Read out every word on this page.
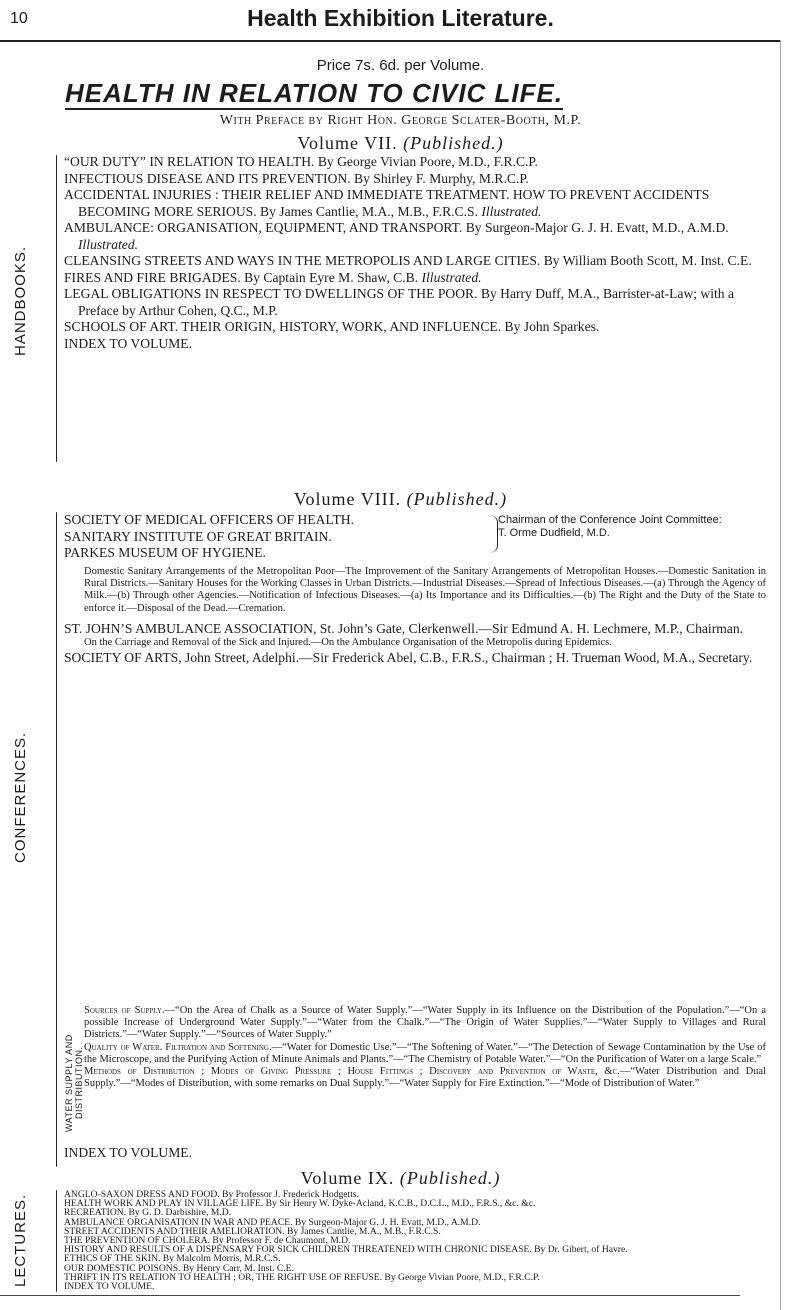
10	Health Exhibition Literature.
Price 7s. 6d. per Volume.
HEALTH IN RELATION TO CIVIC LIFE.
With Preface by Right Hon. George Sclater-Booth, M.P.
Volume VII. (Published.)
HANDBOOKS.

“OUR DUTY” IN RELATION TO HEALTH. By George Vivian Poore, M.D., F.R.C.P.

INFECTIOUS DISEASE AND ITS PREVENTION. By Shirley F. Murphy, M.R.C.P.

ACCIDENTAL INJURIES : THEIR RELIEF AND IMMEDIATE TREATMENT. HOW TO PREVENT ACCIDENTS BECOMING MORE SERIOUS. By James Cantlie, M.A., M.B., F.R.C.S. Illustrated.

AMBULANCE: ORGANISATION, EQUIPMENT, AND TRANSPORT. By Surgeon-Major G. J. H. Evatt, M.D., A.M.D. Illustrated.

CLEANSING STREETS AND WAYS IN THE METROPOLIS AND LARGE CITIES. By William Booth Scott, M. Inst. C.E.

FIRES AND FIRE BRIGADES. By Captain Eyre M. Shaw, C.B. Illustrated.

LEGAL OBLIGATIONS IN RESPECT TO DWELLINGS OF THE POOR. By Harry Duff, M.A., Barrister-at-Law; with a Preface by Arthur Cohen, Q.C., M.P.

SCHOOLS OF ART. THEIR ORIGIN, HISTORY, WORK, AND INFLUENCE. By John Sparkes.

INDEX TO VOLUME.

Volume VIII. (Published.)
CONFERENCES.

SOCIETY OF MEDICAL OFFICERS OF HEALTH.

SANITARY INSTITUTE OF GREAT BRITAIN.

PARKES MUSEUM OF HYGIENE.

Chairman of the Conference Joint Committee:
T. Orme Dudfield, M.D.

Domestic Sanitary Arrangements of the Metropolitan Poor—The Improvement of the Sanitary Arrangements of Metropolitan Houses.—Domestic Sanitation in Rural Districts.—Sanitary Houses for the Working Classes in Urban Districts.—Industrial Diseases.—Spread of Infectious Diseases.—(a) Through the Agency of Milk.—(b) Through other Agencies.—Notification of Infectious Diseases.—(a) Its Importance and its Difficulties.—(b) The Right and the Duty of the State to enforce it.—Disposal of the Dead.—Cremation.

ST. JOHN’S AMBULANCE ASSOCIATION, St. John’s Gate, Clerkenwell.—Sir Edmund A. H. Lechmere, M.P., Chairman.

On the Carriage and Removal of the Sick and Injured.—On the Ambulance Organisation of the Metropolis during Epidemics.

SOCIETY OF ARTS, John Street, Adelphi.—Sir Frederick Abel, C.B., F.R.S., Chairman ; H. Trueman Wood, M.A., Secretary.

WATER SUPPLY AND DISTRIBUTION.

Sources of Supply.—“On the Area of Chalk as a Source of Water Supply.”—“Water Supply in its Influence on the Distribution of the Population.”—“On a possible Increase of Underground Water Supply.”—“Water from the Chalk.”—“The Origin of Water Supplies.”—“Water Supply to Villages and Rural Districts.”—“Water Supply.”—“Sources of Water Supply.”

Quality of Water. Filtration and Softening.—“Water for Domestic Use.”—“The Softening of Water.”—“The Detection of Sewage Contamination by the Use of the Microscope, and the Purifying Action of Minute Animals and Plants.”—“The Chemistry of Potable Water.”—“On the Purification of Water on a large Scale.”

Methods of Distribution ; Modes of Giving Pressure ; House Fittings ; Discovery and Prevention of Waste, &c.—“Water Distribution and Dual Supply.”—“Modes of Distribution, with some remarks on Dual Supply.”—“Water Supply for Fire Extinction.”—“Mode of Distribution of Water.”

INDEX TO VOLUME.

Volume IX. (Published.)
LECTURES.	ANGLO-SAXON DRESS AND FOOD. By Professor J. Frederick Hodgetts.

HEALTH WORK AND PLAY IN VILLAGE LIFE. By Sir Henry W. Dyke-Acland, K.C.B., D.C.L., M.D., F.R.S., &c. &c.

RECREATION. By G. D. Darbishire, M.D.

AMBULANCE ORGANISATION IN WAR AND PEACE. By Surgeon-Major G. J. H. Evatt, M.D., A.M.D.

STREET ACCIDENTS AND THEIR AMELIORATION. By James Cantlie, M.A., M.B., F.R.C.S.

THE PREVENTION OF CHOLERA. By Professor F. de Chaumont, M.D.

HISTORY AND RESULTS OF A DISPENSARY FOR SICK CHILDREN THREATENED WITH CHRONIC DISEASE. By Dr. Gibert, of Havre.

ETHICS OF THE SKIN. By Malcolm Morris, M.R.C.S.

OUR DOMESTIC POISONS. By Henry Carr, M. Inst. C.E.

THRIFT IN ITS RELATION TO HEALTH ; OR, THE RIGHT USE OF REFUSE. By George Vivian Poore, M.D., F.R.C.P.

INDEX TO VOLUME.
